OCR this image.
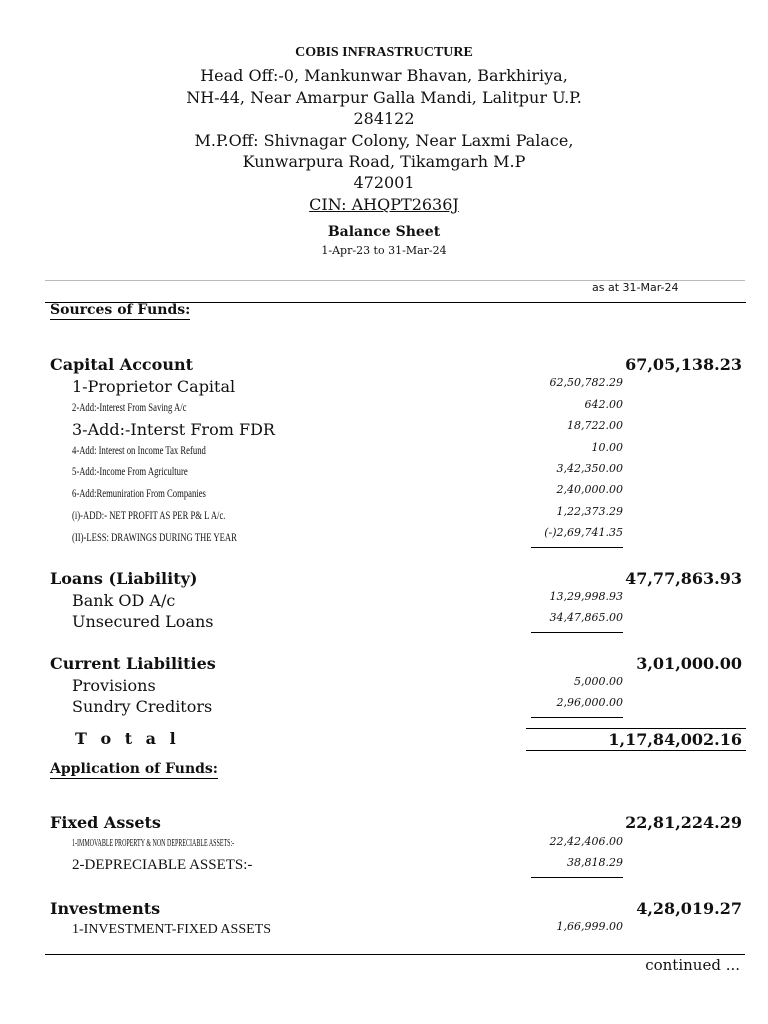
COBIS INFRASTRUCTURE
Head Off:-0, Mankunwar Bhavan, Barkhiriya,
NH-44, Near Amarpur Galla Mandi, Lalitpur U.P.
284122
M.P.Off: Shivnagar Colony, Near Laxmi Palace,
Kunwarpura Road, Tikamgarh M.P
472001
CIN: AHQPT2636J
Balance Sheet
1-Apr-23 to 31-Mar-24
as at 31-Mar-24
Sources of Funds:
Capital Account	67,05,138.23
1-Proprietor Capital	62,50,782.29
2-Add:-Interest From Saving A/c	642.00
3-Add:-Interst From FDR	18,722.00
4-Add: Interest on Income Tax Refund	10.00
5-Add:-Income From Agriculture	3,42,350.00
6-Add:Remuniration From Companies	2,40,000.00
(i)-ADD:- NET PROFIT AS PER P& L A/c.	1,22,373.29
(II)-LESS: DRAWINGS DURING THE YEAR	(-)2,69,741.35
Loans (Liability)	47,77,863.93
Bank OD A/c	13,29,998.93
Unsecured Loans	34,47,865.00
Current Liabilities	3,01,000.00
Provisions	5,000.00
Sundry Creditors	2,96,000.00
T o t a l	1,17,84,002.16
Application of Funds:
Fixed Assets	22,81,224.29
1-IMMOVABLE PROPERTY & NON DEPRECIABLE ASSETS:-	22,42,406.00
2-DEPRECIABLE ASSETS:-	38,818.29
Investments	4,28,019.27
1-INVESTMENT-FIXED ASSETS	1,66,999.00
continued ...
